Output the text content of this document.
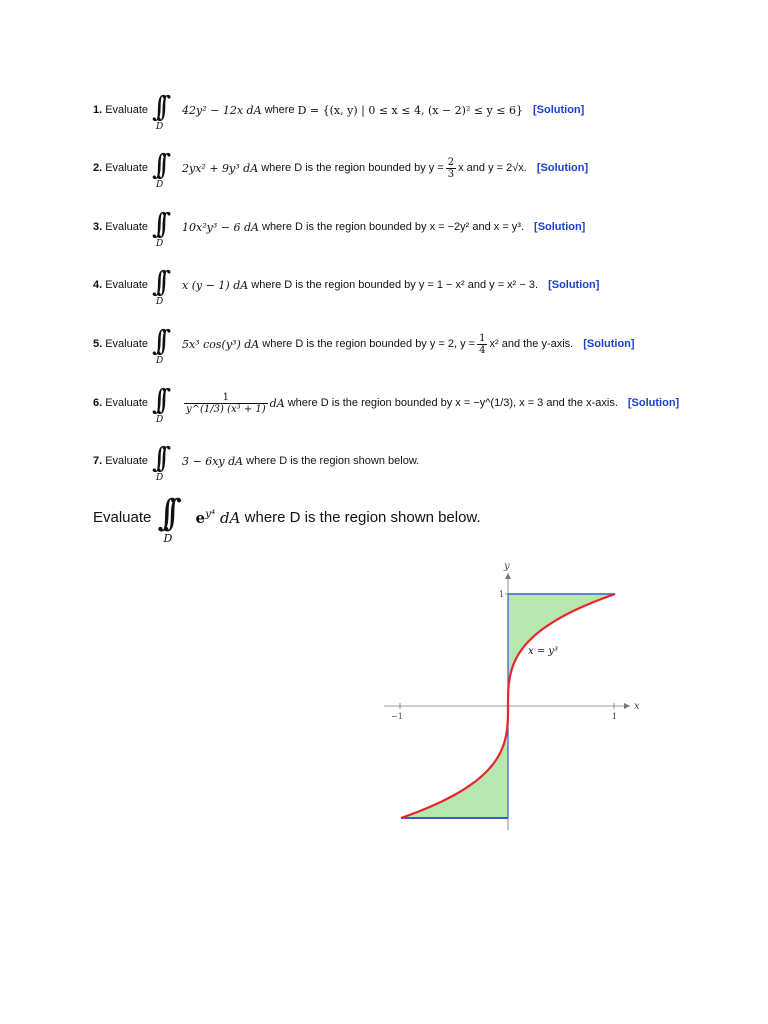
1. Evaluate ∫∫
D
42y² − 12x dA
where
D = {(x, y) | 0 ≤ x ≤ 4, (x − 2)² ≤ y ≤ 6} [Solution]
2. Evaluate ∫∫
D
2yx² + 9y³ dA
where
D is the region bounded by $y = \frac{2}{3}$ x and y = 2√x. [Solution]
3. Evaluate ∫∫
D
10x²y³ − 6 dA
where
D is the region bounded by x = −2y² and x = y³. [Solution]
4. Evaluate ∫∫
D
x (y − 1) dA
where
D is the region bounded by y = 1 − x² and y = x² − 3. [Solution]
5. Evaluate ∫∫
D
5x³ cos(y³) dA
where
D is the region bounded by y = 2, $y = \frac{1}{4} x^2$ and the y-axis. [Solution]
6. Evaluate ∫∫
D
$\frac{1}{\text{y\textasciicircum{}(1/3) (x³ + 1)}}$ dA
where
D is the region bounded by x = −y^(1/3), x = 3 and the x-axis. [Solution]
7. Evaluate ∫∫
D
3 − 6xy dA
where
D is the region shown below.
Evaluate
∫∫
D
$e^{y^4}$ dA
where D is the region shown below.
x
y
−1	1
1
x = y³
